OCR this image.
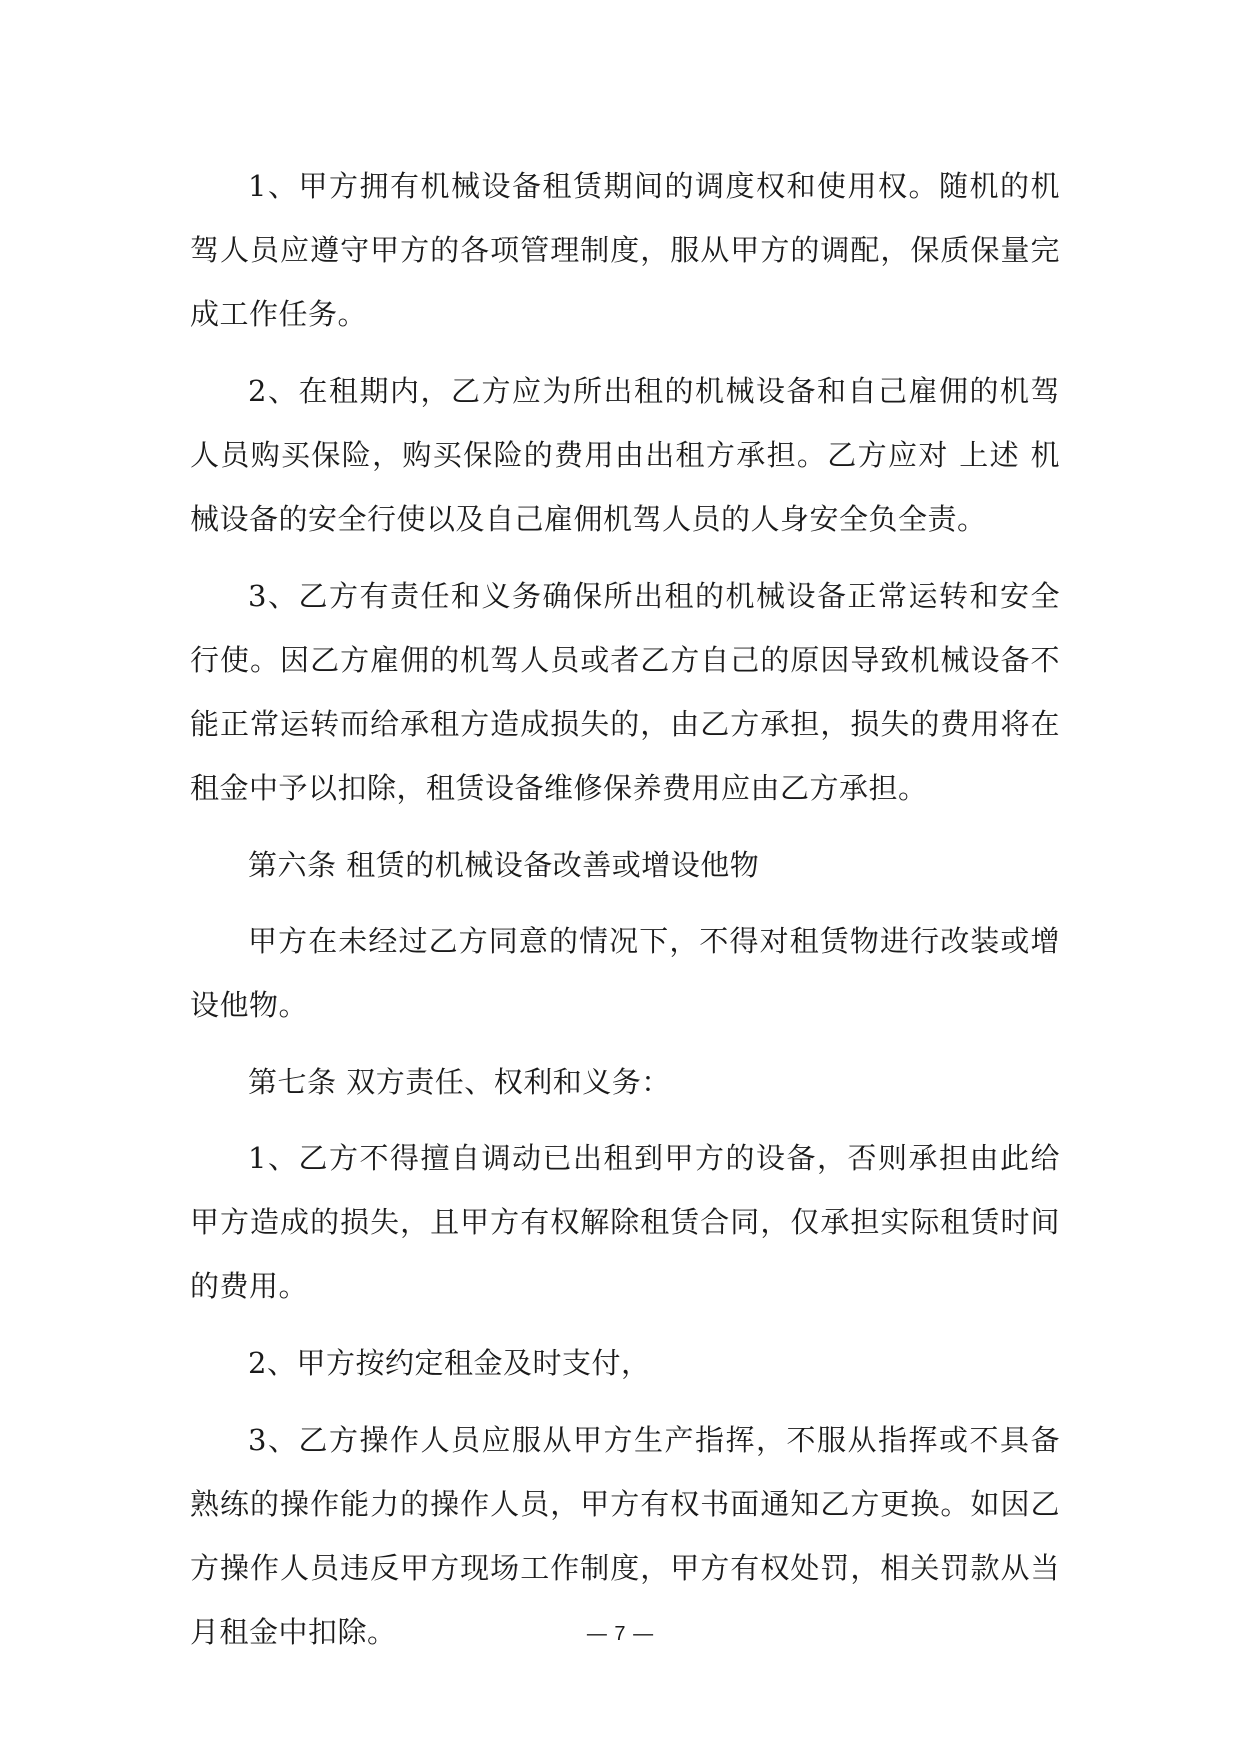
1、甲方拥有机械设备租赁期间的调度权和使用权。随机的机驾人员应遵守甲方的各项管理制度，服从甲方的调配，保质保量完成工作任务。

2、在租期内，乙方应为所出租的机械设备和自己雇佣的机驾人员购买保险，购买保险的费用由出租方承担。乙方应对 上述 机械设备的安全行使以及自己雇佣机驾人员的人身安全负全责。

3、乙方有责任和义务确保所出租的机械设备正常运转和安全行使。因乙方雇佣的机驾人员或者乙方自己的原因导致机械设备不能正常运转而给承租方造成损失的，由乙方承担，损失的费用将在租金中予以扣除，租赁设备维修保养费用应由乙方承担。

第六条 租赁的机械设备改善或增设他物

甲方在未经过乙方同意的情况下，不得对租赁物进行改装或增设他物。

第七条 双方责任、权利和义务：

1、乙方不得擅自调动已出租到甲方的设备，否则承担由此给甲方造成的损失，且甲方有权解除租赁合同，仅承担实际租赁时间的费用。

2、甲方按约定租金及时支付，

3、乙方操作人员应服从甲方生产指挥，不服从指挥或不具备熟练的操作能力的操作人员，甲方有权书面通知乙方更换。如因乙方操作人员违反甲方现场工作制度，甲方有权处罚，相关罚款从当月租金中扣除。	— 7 —
